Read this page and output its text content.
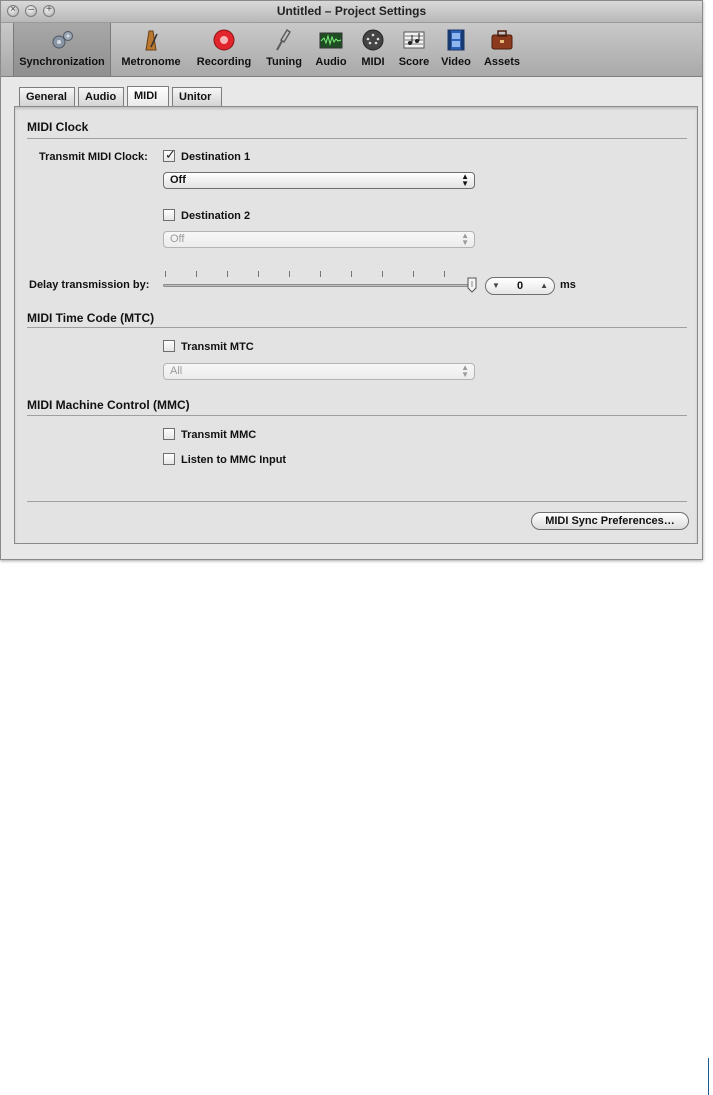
× – +	Untitled – Project Settings
Synchronization	Metronome	Recording	Tuning	Audio	MIDI	Score	Video	Assets
General	Audio	MIDI	Unitor
MIDI Clock
Transmit MIDI Clock: ✓ Destination 1
Off	▲
▼
Destination 2
Off	▲
▼
Delay transmission by:	▼	0	▲ ms
MIDI Time Code (MTC)
Transmit MTC
All	▲
▼
MIDI Machine Control (MMC)
Transmit MMC
Listen to MMC Input
MIDI Sync Preferences…
